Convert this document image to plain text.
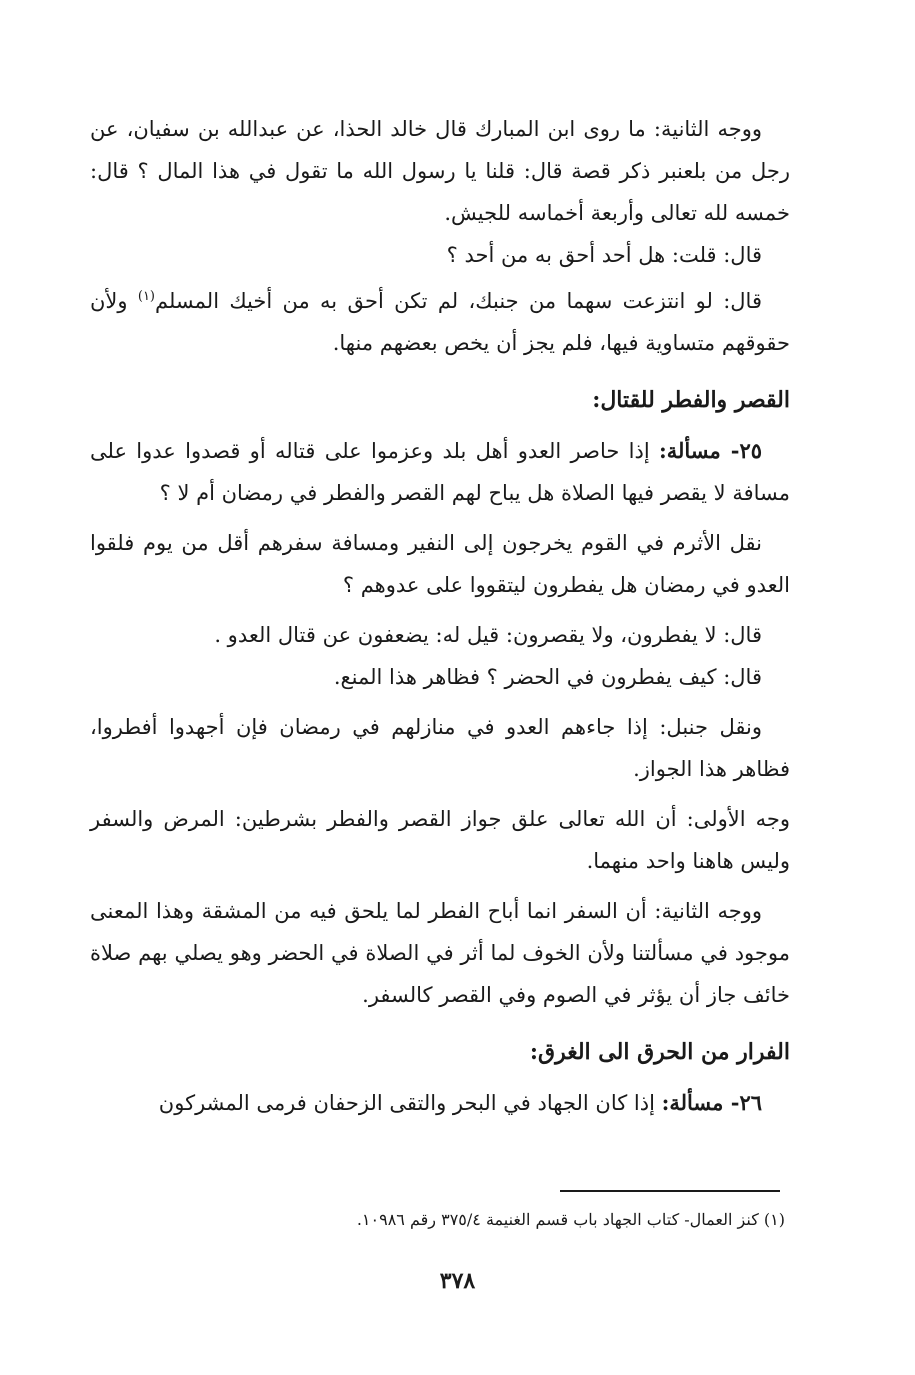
ووجه الثانية: ما روى ابن المبارك قال خالد الحذا، عن عبدالله بن سفيان، عن رجل من بلعنبر ذكر قصة قال: قلنا يا رسول الله ما تقول في هذا المال ؟ قال: خمسه لله تعالى وأربعة أخماسه للجيش.

قال: قلت: هل أحد أحق به من أحد ؟

قال: لو انتزعت سهما من جنبك، لم تكن أحق به من أخيك المسلم$^{(١)}$ ولأن حقوقهم متساوية فيها، فلم يجز أن يخص بعضهم منها.

القصر والفطر للقتال:

٢٥- مسألة: إذا حاصر العدو أهل بلد وعزموا على قتاله أو قصدوا عدوا على مسافة لا يقصر فيها الصلاة هل يباح لهم القصر والفطر في رمضان أم لا ؟

نقل الأثرم في القوم يخرجون إلى النفير ومسافة سفرهم أقل من يوم فلقوا العدو في رمضان هل يفطرون ليتقووا على عدوهم ؟

قال: لا يفطرون، ولا يقصرون: قيل له: يضعفون عن قتال العدو .

قال: كيف يفطرون في الحضر ؟ فظاهر هذا المنع.

ونقل جنبل: إذا جاءهم العدو في منازلهم في رمضان فإن أجهدوا أفطروا، فظاهر هذا الجواز.

وجه الأولى: أن الله تعالى علق جواز القصر والفطر بشرطين: المرض والسفر وليس هاهنا واحد منهما.

ووجه الثانية: أن السفر انما أباح الفطر لما يلحق فيه من المشقة وهذا المعنى موجود في مسألتنا ولأن الخوف لما أثر في الصلاة في الحضر وهو يصلي بهم صلاة خائف جاز أن يؤثر في الصوم وفي القصر كالسفر.

الفرار من الحرق الى الغرق:

٢٦- مسألة: إذا كان الجهاد في البحر والتقى الزحفان فرمى المشركون

(١) كنز العمال- كتاب الجهاد باب قسم الغنيمة ٣٧٥/٤ رقم ١٠٩٨٦.
٣٧٨
